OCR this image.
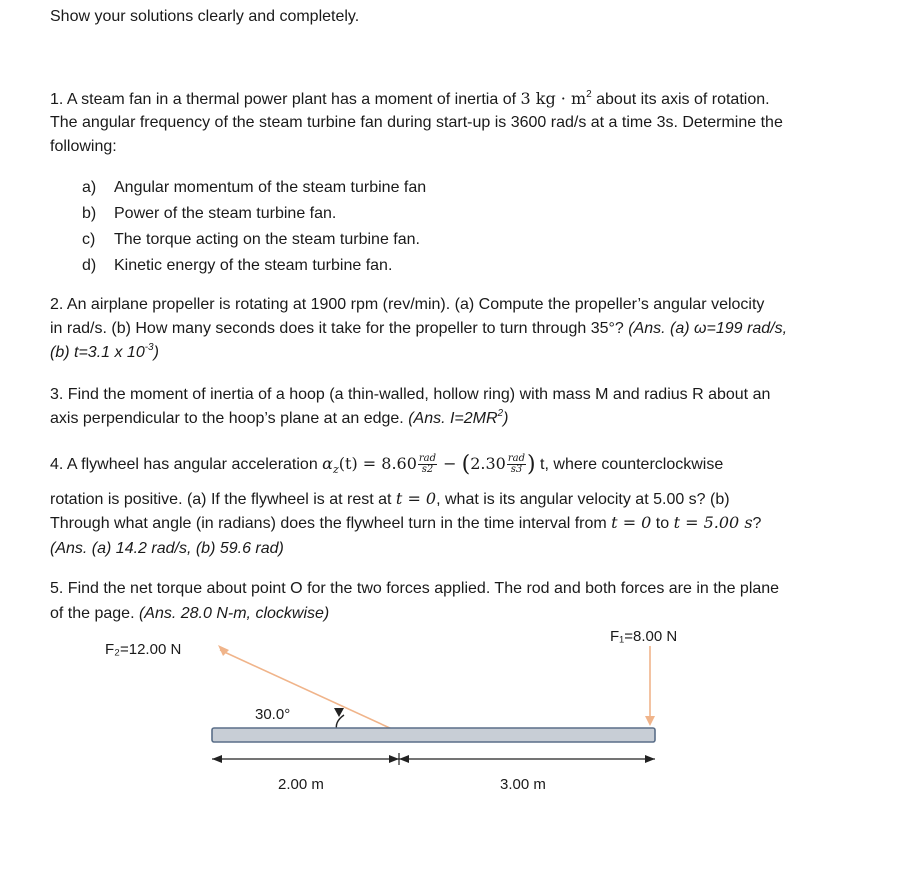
Show your solutions clearly and completely.
1. A steam fan in a thermal power plant has a moment of inertia of 3 kg · $m^2$ about its axis of rotation.
The angular frequency of the steam turbine fan during start-up is 3600 rad/s at a time 3s. Determine the
following:
a) Angular momentum of the steam turbine fan
b) Power of the steam turbine fan.
c) The torque acting on the steam turbine fan.
d) Kinetic energy of the steam turbine fan.
2. An airplane propeller is rotating at 1900 rpm (rev/min). (a) Compute the propeller’s angular velocity
in rad/s. (b) How many seconds does it take for the propeller to turn through 35°? (Ans. (a) ω=199 rad/s,
(b) t=3.1 x $10^{-3}$)
3. Find the moment of inertia of a hoop (a thin-walled, hollow ring) with mass M and radius R about an
axis perpendicular to the hoop’s plane at an edge. (Ans. $I=2MR^2$)
4. A flywheel has angular acceleration $\alpha_z(t) = 8.60 \frac{\text{rad}}{s2} - (2.30 \frac{\text{rad}}{s3}$ ) t, where counterclockwise
rotation is positive. (a) If the flywheel is at rest at t = 0, what is its angular velocity at 5.00 s? (b)
Through what angle (in radians) does the flywheel turn in the time interval from t = 0 to t = 5.00 s?
(Ans. (a) 14.2 rad/s, (b) 59.6 rad)
5. Find the net torque about point O for the two forces applied. The rod and both forces are in the plane
of the page. (Ans. 28.0 N-m, clockwise)
F₁=8.00 N
F₂=12.00 N
30.0°
2.00 m	3.00 m
